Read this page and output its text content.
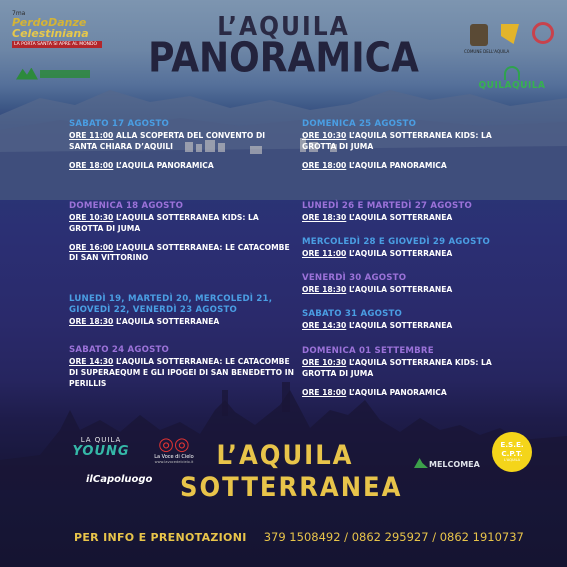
7ma
PerdoDanze
Celestiniana
LA PORTA SANTA SI APRE AL MONDO
L’AQUILA
PANORAMICA	COMUNE DELL'AQUILA
QUILAQUILA
SABATO 17 AGOSTO
ORE 11:00 ALLA SCOPERTA DEL CONVENTO DI SANTA CHIARA D’AQUILI
ORE 18:00 L’AQUILA PANORAMICA
DOMENICA 18 AGOSTO
ORE 10:30 L’AQUILA SOTTERRANEA KIDS: LA GROTTA DI JUMA
ORE 16:00 L’AQUILA SOTTERRANEA: LE CATACOMBE DI SAN VITTORINO
LUNEDÌ 19, MARTEDÌ 20, MERCOLEDÌ 21, GIOVEDÌ 22, VENERDÌ 23 AGOSTO
ORE 18:30 L’AQUILA SOTTERRANEA
SABATO 24 AGOSTO
ORE 14:30 L’AQUILA SOTTERRANEA: LE CATACOMBE DI SUPERAEQUM E GLI IPOGEI DI SAN BENEDETTO IN PERILLIS
DOMENICA 25 AGOSTO
ORE 10:30 L’AQUILA SOTTERRANEA KIDS: LA GROTTA DI JUMA
ORE 18:00 L’AQUILA PANORAMICA
LUNEDÌ 26 E MARTEDÌ 27 AGOSTO
ORE 18:30 L’AQUILA SOTTERRANEA
MERCOLEDÌ 28 E GIOVEDÌ 29 AGOSTO
ORE 11:00 L’AQUILA SOTTERRANEA
VENERDÌ 30 AGOSTO
ORE 18:30 L’AQUILA SOTTERRANEA
SABATO 31 AGOSTO
ORE 14:30 L’AQUILA SOTTERRANEA
DOMENICA 01 SETTEMBRE
ORE 10:30 L’AQUILA SOTTERRANEA KIDS: LA GROTTA DI JUMA
ORE 18:00 L’AQUILA PANORAMICA
LA QUILA
YOUNG	◎◎
La Voce di Cielo
www.lavocedelcielo.it
ilCapoluogo
L’AQUILA
SOTTERRANEA
MELCOMEA
E.S.E.
C.P.T.
L'AQUILA
PER INFO E PRENOTAZIONI 379 1508492 / 0862 295927 / 0862 1910737
